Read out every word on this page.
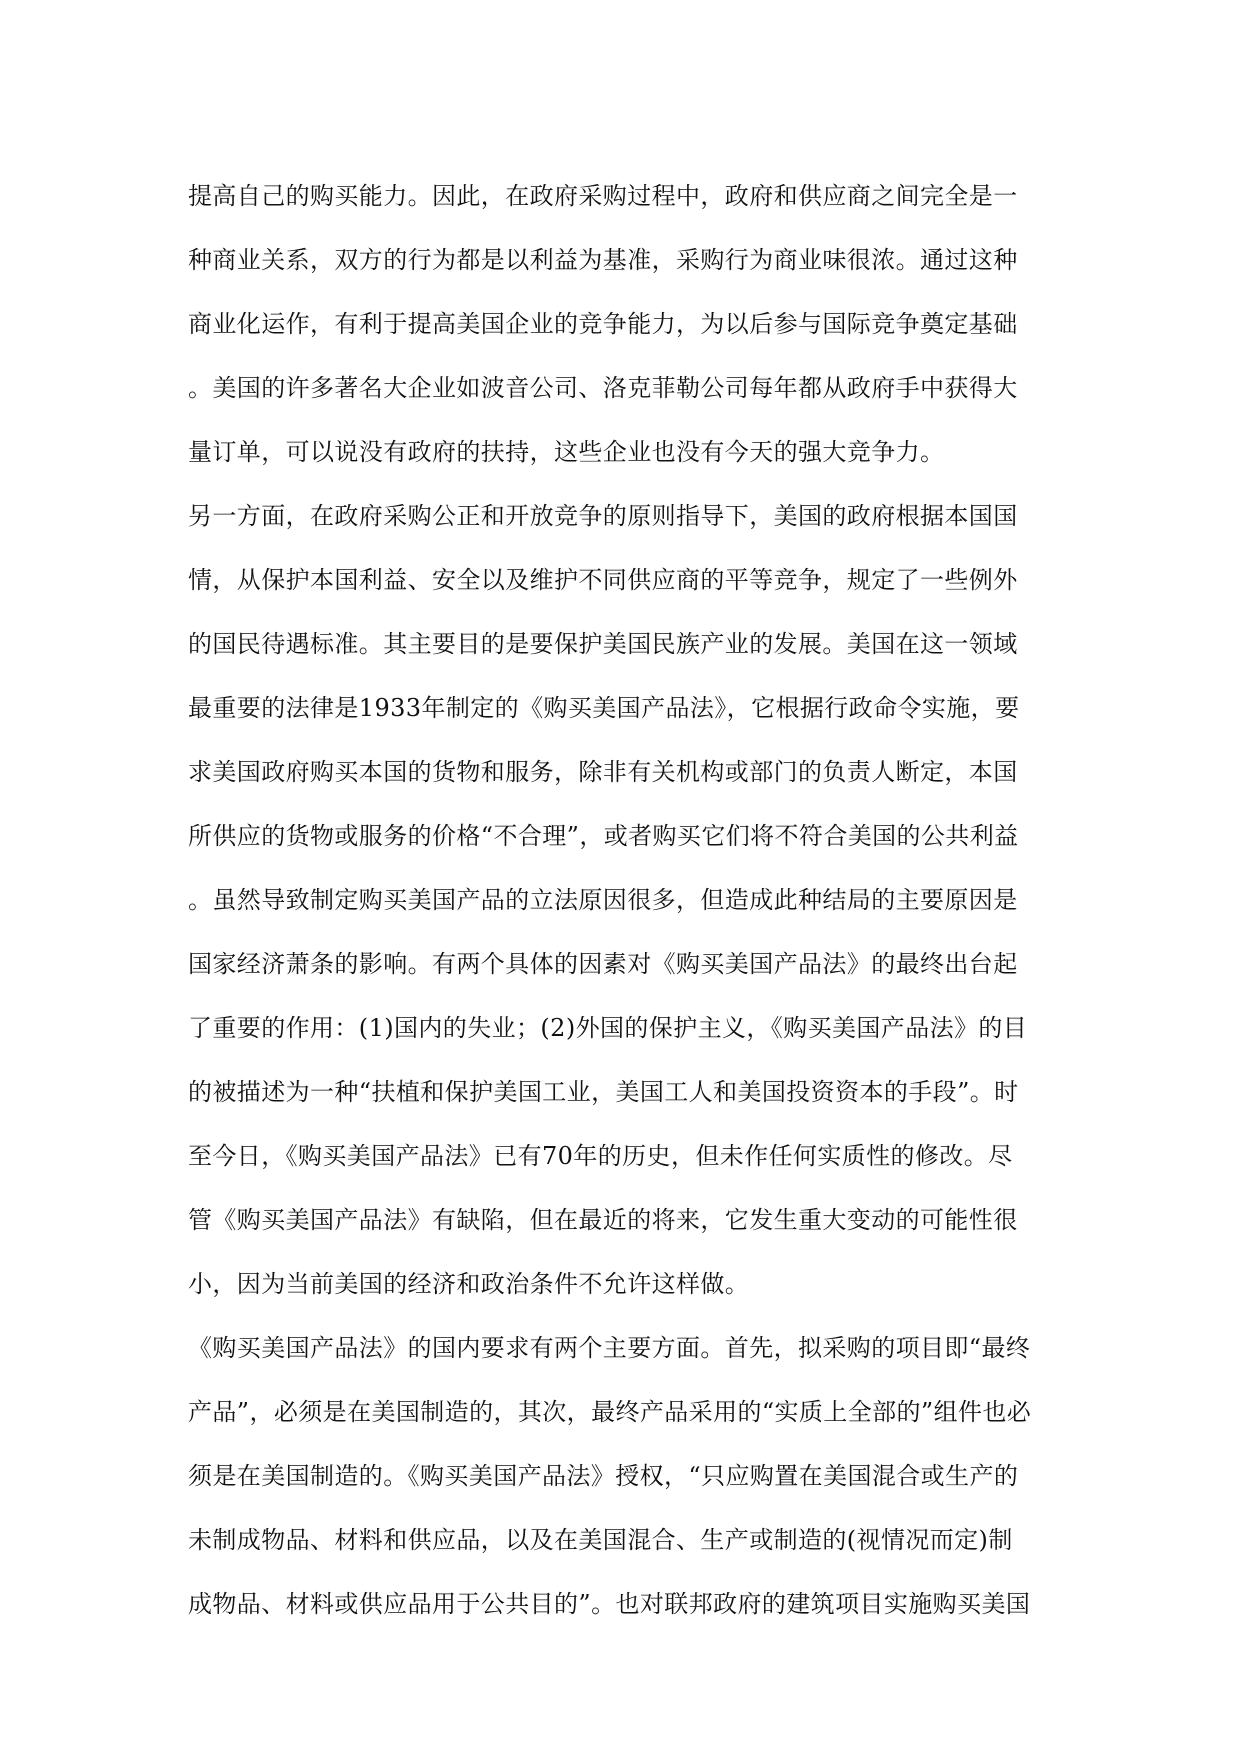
提高自己的购买能力。因此，在政府采购过程中，政府和供应商之间完全是一
种商业关系，双方的行为都是以利益为基准，采购行为商业味很浓。通过这种
商业化运作，有利于提高美国企业的竞争能力，为以后参与国际竞争奠定基础
。美国的许多著名大企业如波音公司、洛克菲勒公司每年都从政府手中获得大
量订单，可以说没有政府的扶持，这些企业也没有今天的强大竞争力。
另一方面，在政府采购公正和开放竞争的原则指导下，美国的政府根据本国国
情，从保护本国利益、安全以及维护不同供应商的平等竞争，规定了一些例外
的国民待遇标准。其主要目的是要保护美国民族产业的发展。美国在这一领域
最重要的法律是1933年制定的《购买美国产品法》，它根据行政命令实施，要
求美国政府购买本国的货物和服务，除非有关机构或部门的负责人断定，本国
所供应的货物或服务的价格“不合理”，或者购买它们将不符合美国的公共利益
。虽然导致制定购买美国产品的立法原因很多，但造成此种结局的主要原因是
国家经济萧条的影响。有两个具体的因素对《购买美国产品法》的最终出台起
了重要的作用：(1)国内的失业；(2)外国的保护主义，《购买美国产品法》的目
的被描述为一种“扶植和保护美国工业，美国工人和美国投资资本的手段”。时
至今日，《购买美国产品法》已有70年的历史，但未作任何实质性的修改。尽
管《购买美国产品法》有缺陷，但在最近的将来，它发生重大变动的可能性很
小，因为当前美国的经济和政治条件不允许这样做。
《购买美国产品法》的国内要求有两个主要方面。首先，拟采购的项目即“最终
产品”，必须是在美国制造的，其次，最终产品采用的“实质上全部的”组件也必
须是在美国制造的。《购买美国产品法》授权，“只应购置在美国混合或生产的
未制成物品、材料和供应品，以及在美国混合、生产或制造的(视情况而定)制
成物品、材料或供应品用于公共目的”。也对联邦政府的建筑项目实施购买美国
